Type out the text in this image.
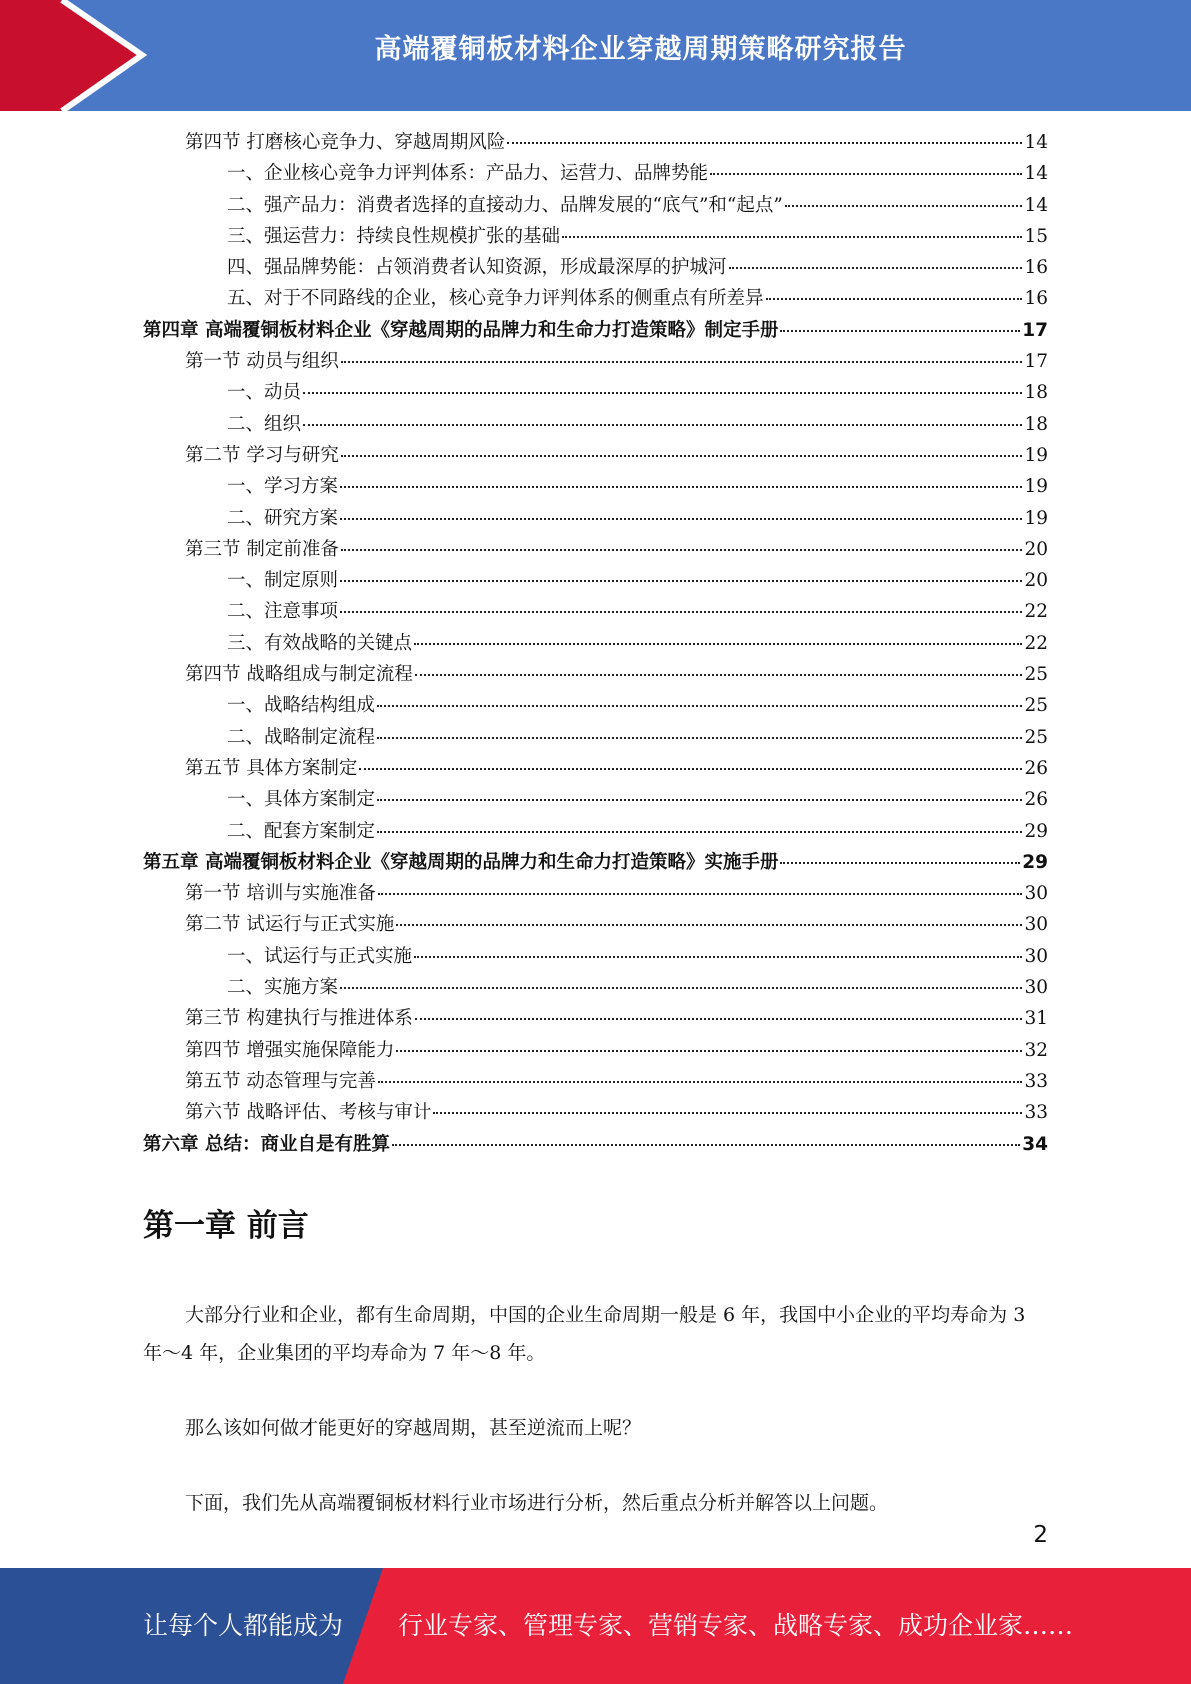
高端覆铜板材料企业穿越周期策略研究报告
第四节 打磨核心竞争力、穿越周期风险	14
一、企业核心竞争力评判体系：产品力、运营力、品牌势能	14
二、强产品力：消费者选择的直接动力、品牌发展的“底气”和“起点”	14
三、强运营力：持续良性规模扩张的基础	15
四、强品牌势能：占领消费者认知资源，形成最深厚的护城河	16
五、对于不同路线的企业，核心竞争力评判体系的侧重点有所差异	16
第四章 高端覆铜板材料企业《穿越周期的品牌力和生命力打造策略》制定手册	17
第一节 动员与组织	17
一、动员	18
二、组织	18
第二节 学习与研究	19
一、学习方案	19
二、研究方案	19
第三节 制定前准备	20
一、制定原则	20
二、注意事项	22
三、有效战略的关键点	22
第四节 战略组成与制定流程	25
一、战略结构组成	25
二、战略制定流程	25
第五节 具体方案制定	26
一、具体方案制定	26
二、配套方案制定	29
第五章 高端覆铜板材料企业《穿越周期的品牌力和生命力打造策略》实施手册	29
第一节 培训与实施准备	30
第二节 试运行与正式实施	30
一、试运行与正式实施	30
二、实施方案	30
第三节 构建执行与推进体系	31
第四节 增强实施保障能力	32
第五节 动态管理与完善	33
第六节 战略评估、考核与审计	33
第六章 总结：商业自是有胜算	34
第一章 前言

大部分行业和企业，都有生命周期，中国的企业生命周期一般是 6 年，我国中小企业的平均寿命为 3 年～4 年，企业集团的平均寿命为 7 年～8 年。

那么该如何做才能更好的穿越周期，甚至逆流而上呢？

下面，我们先从高端覆铜板材料行业市场进行分析，然后重点分析并解答以上问题。

2
让每个人都能成为 行业专家、管理专家、营销专家、战略专家、成功企业家……
